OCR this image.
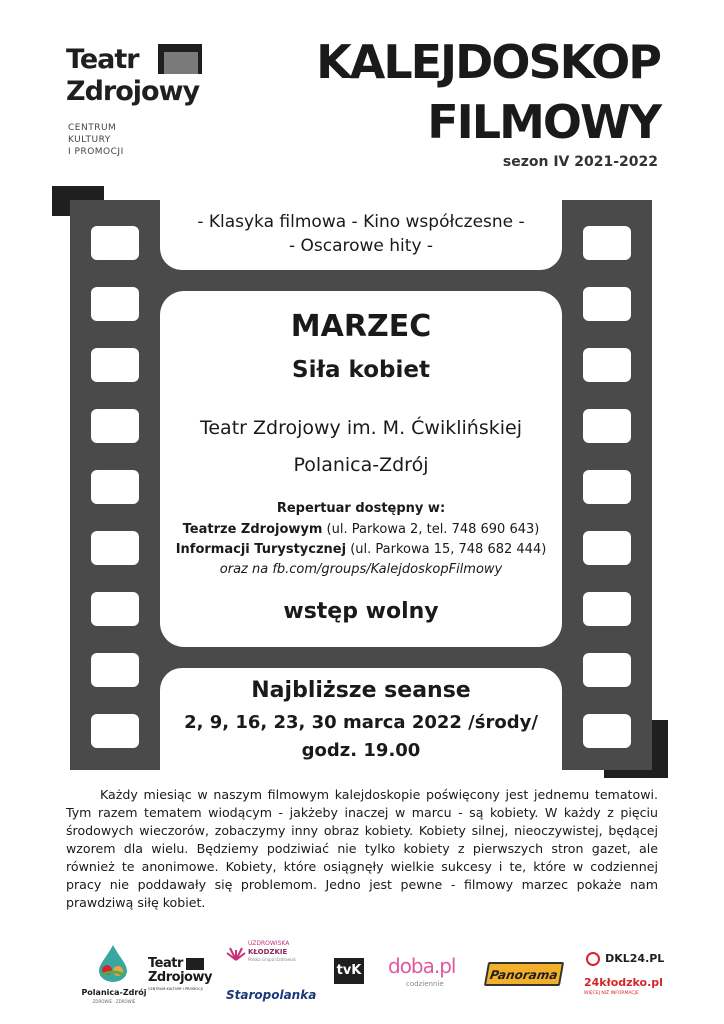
Teatr
Zdrojowy
CENTRUM
KULTURY
I PROMOCJI
KALEJDOSKOP
FILMOWY
sezon IV 2021-2022
- Klasyka filmowa - Kino współczesne -
- Oscarowe hity -
MARZEC
Siła kobiet
Teatr Zdrojowy im. M. Ćwiklińskiej
Polanica-Zdrój
Repertuar dostępny w:
Teatrze Zdrojowym (ul. Parkowa 2, tel. 748 690 643)
Informacji Turystycznej (ul. Parkowa 15, 748 682 444)
oraz na fb.com/groups/KalejdoskopFilmowy
wstęp wolny
Najbliższe seanse
2, 9, 16, 23, 30 marca 2022 /środy/
godz. 19.00
Każdy miesiąc w naszym filmowym kalejdoskopie poświęcony jest jednemu tematowi. Tym razem tematem wiodącym - jakżeby inaczej w marcu - są kobiety. W każdy z pięciu środowych wieczorów, zobaczymy inny obraz kobiety. Kobiety silnej, nieoczywistej, będącej wzorem dla wielu. Będziemy podziwiać nie tylko kobiety z pierwszych stron gazet, ale również te anonimowe. Kobiety, które osiągnęły wielkie sukcesy i te, które w codziennej pracy nie poddawały się problemom. Jedno jest pewne - filmowy marzec pokaże nam prawdziwą siłę kobiet.
Polanica-Zdrój
ZDROWIE · ZDROWIE
Teatr
Zdrojowy
CENTRUM KULTURY I PROMOCJI
UZDROWISKA
KŁODZKIE
Polska Grupa Uzdrowisk
Staropolanka
tvK doba.pl
codziennie
Panorama
DKL24.PL
24kłodzko.pl
WIĘCEJ NIŻ INFORMACJE
